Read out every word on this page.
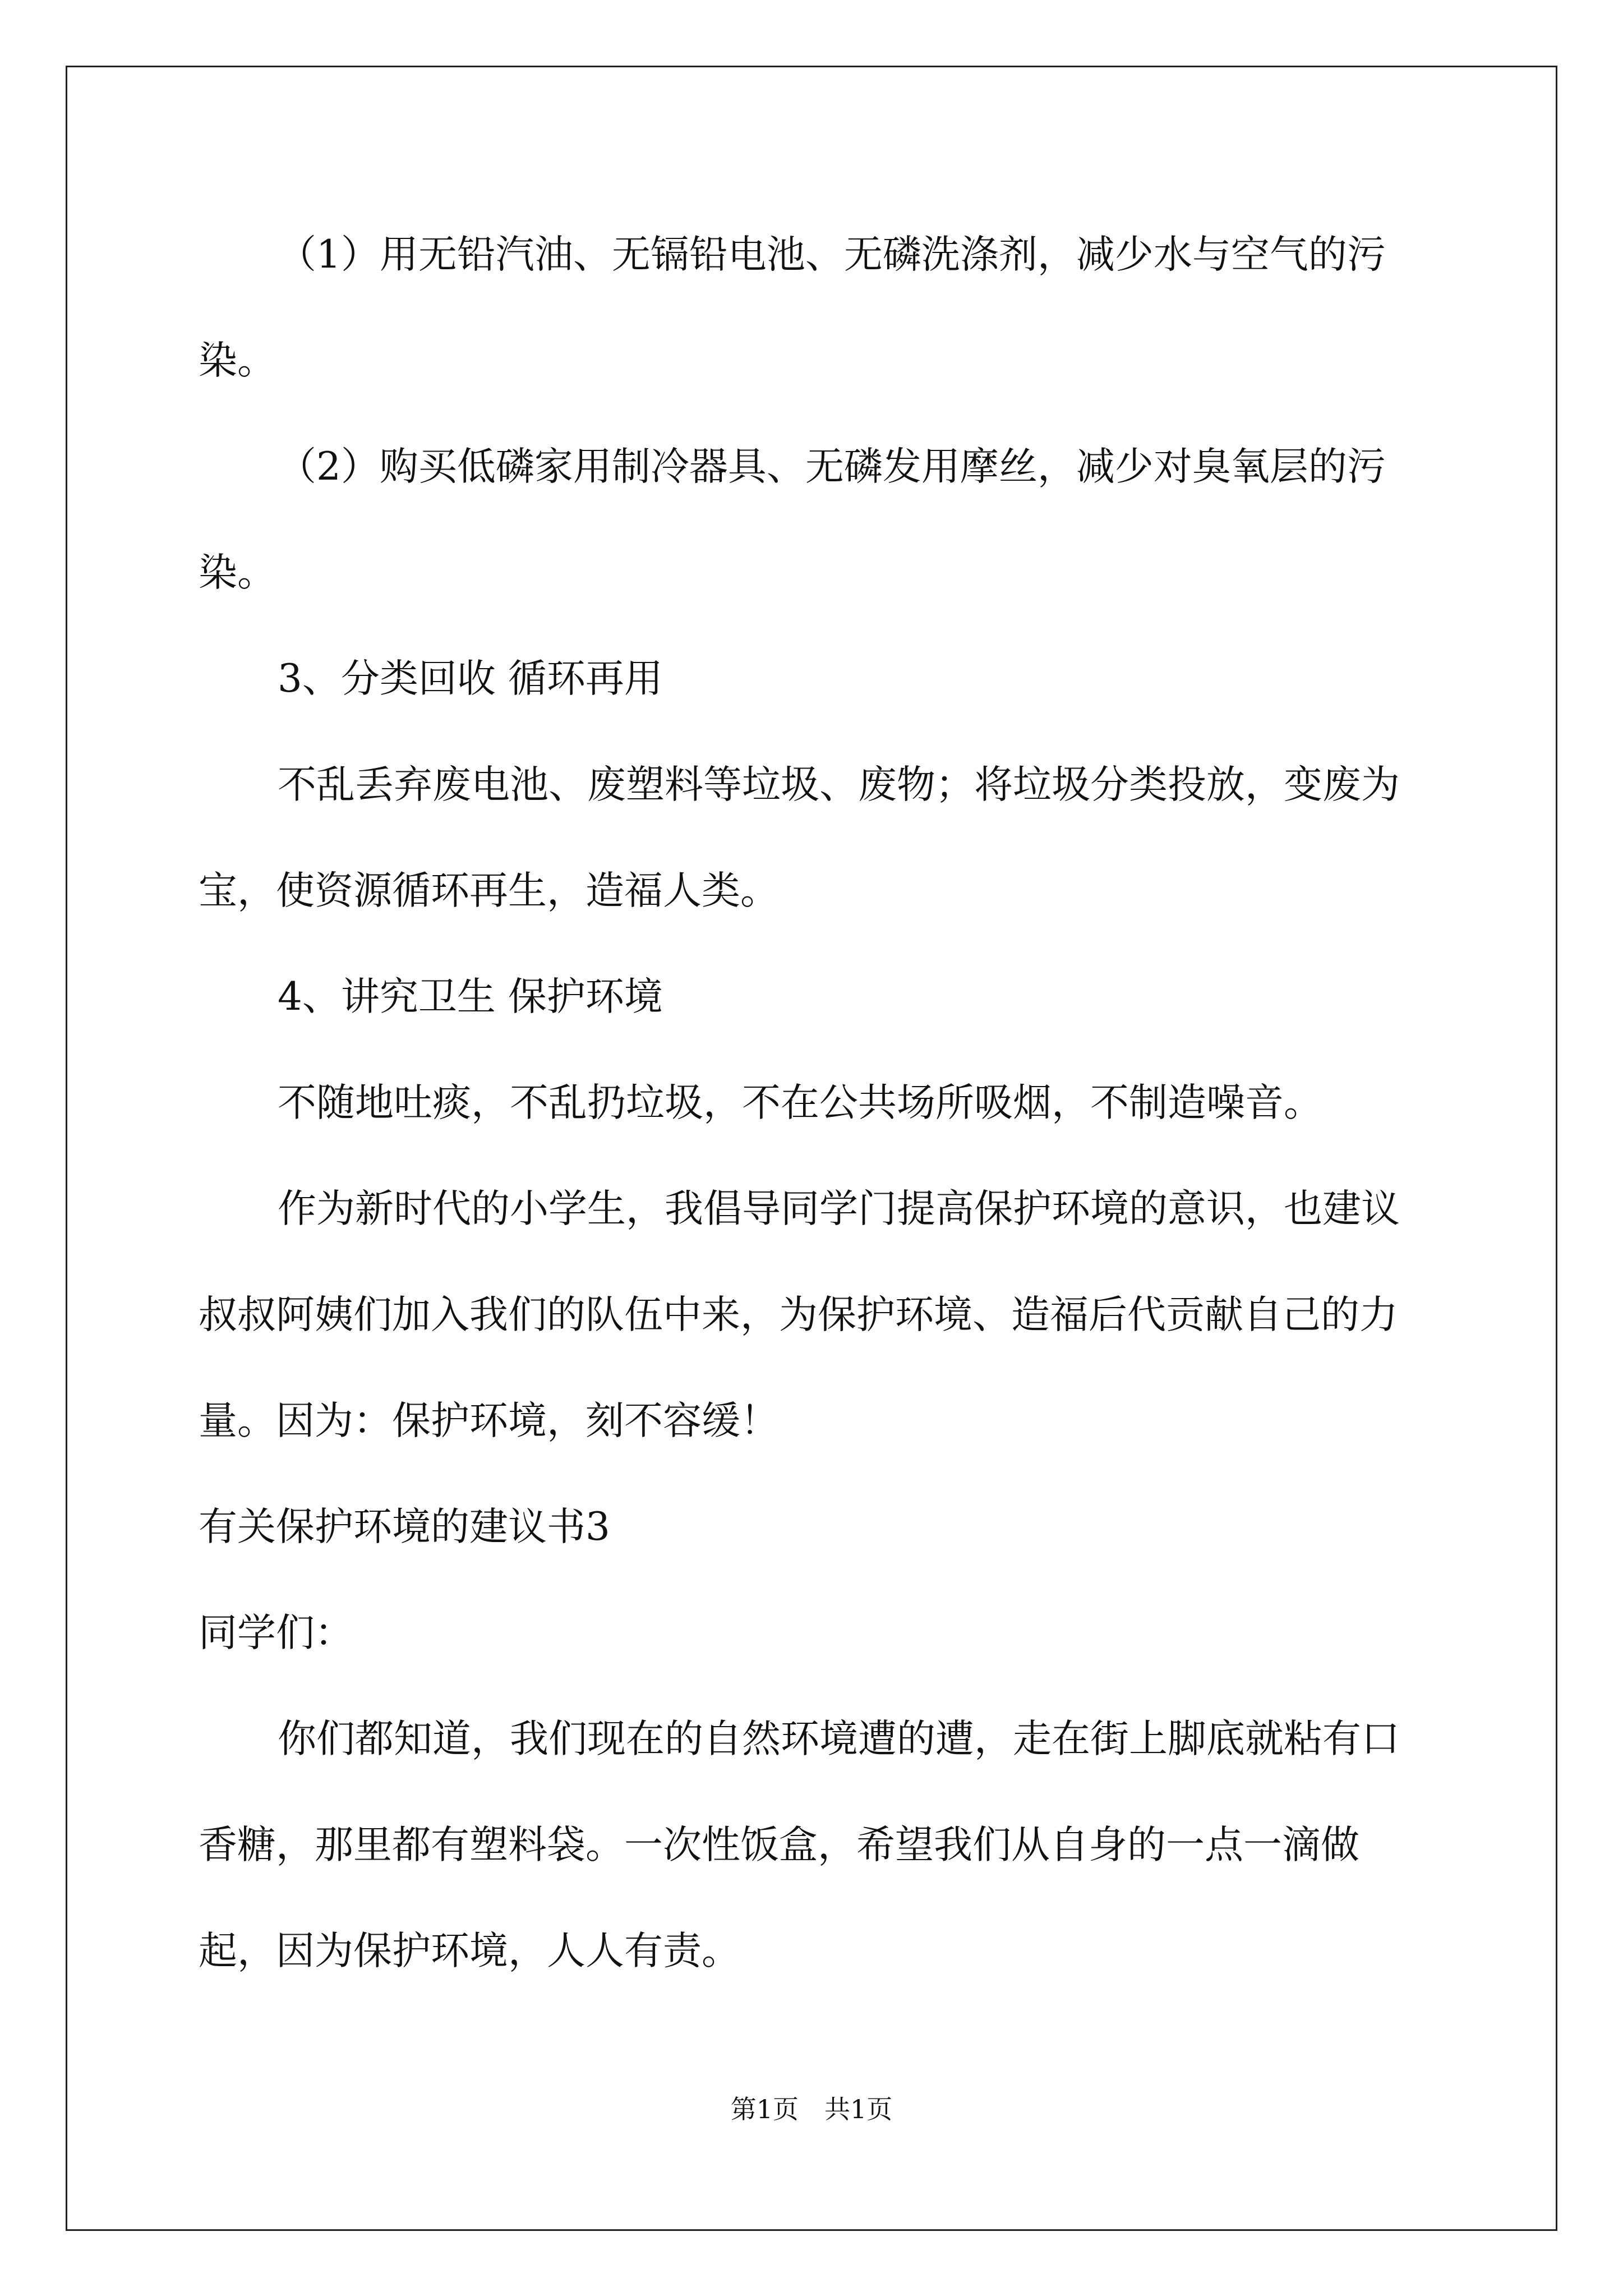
（1）用无铅汽油、无镉铅电池、无磷洗涤剂，减少水与空气的污染。

（2）购买低磷家用制冷器具、无磷发用摩丝，减少对臭氧层的污染。

3、分类回收 循环再用

不乱丢弃废电池、废塑料等垃圾、废物；将垃圾分类投放，变废为宝，使资源循环再生，造福人类。

4、讲究卫生 保护环境

不随地吐痰，不乱扔垃圾，不在公共场所吸烟，不制造噪音。

作为新时代的小学生，我倡导同学门提高保护环境的意识，也建议叔叔阿姨们加入我们的队伍中来，为保护环境、造福后代贡献自己的力量。因为：保护环境，刻不容缓！

有关保护环境的建议书3

同学们：

你们都知道，我们现在的自然环境遭的遭，走在街上脚底就粘有口香糖，那里都有塑料袋。一次性饭盒，希望我们从自身的一点一滴做起，因为保护环境，人人有责。

第1页　共1页
